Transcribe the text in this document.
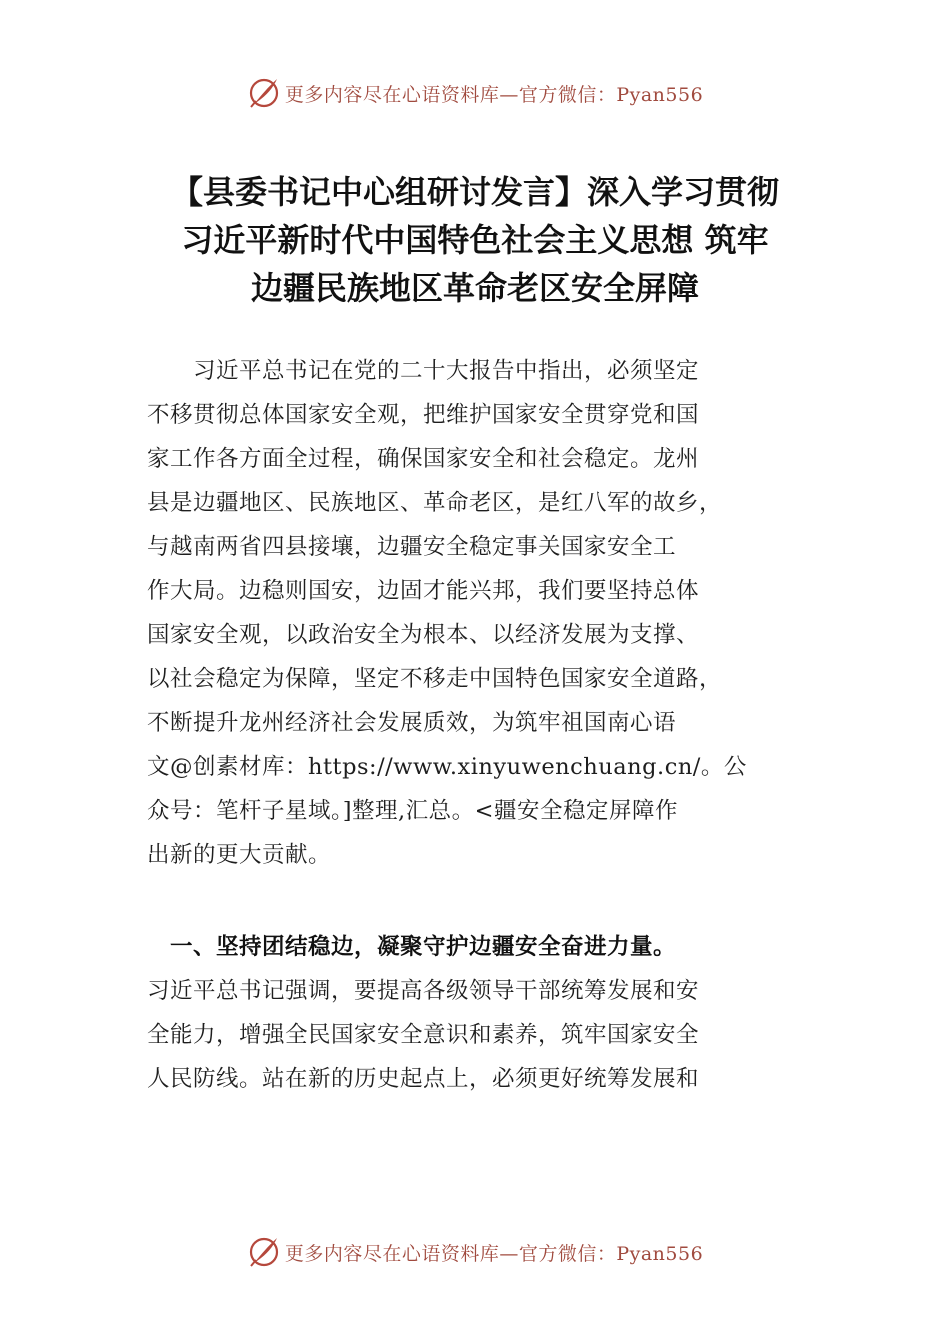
更多内容尽在心语资料库—官方微信：Pyan556
【县委书记中心组研讨发言】深入学习贯彻
习近平新时代中国特色社会主义思想 筑牢
边疆民族地区革命老区安全屏障
　　习近平总书记在党的二十大报告中指出，必须坚定
不移贯彻总体国家安全观，把维护国家安全贯穿党和国
家工作各方面全过程，确保国家安全和社会稳定。龙州
县是边疆地区、民族地区、革命老区，是红八军的故乡，
与越南两省四县接壤，边疆安全稳定事关国家安全工
作大局。边稳则国安，边固才能兴邦，我们要坚持总体
国家安全观，以政治安全为根本、以经济发展为支撑、
以社会稳定为保障，坚定不移走中国特色国家安全道路，
不断提升龙州经济社会发展质效，为筑牢祖国南心语
文@创素材库：https://www.xinyuwenchuang.cn/。公
众号：笔杆子星域。]整理,汇总。<疆安全稳定屏障作
出新的更大贡献。
　一、坚持团结稳边，凝聚守护边疆安全奋进力量。
习近平总书记强调，要提高各级领导干部统筹发展和安
全能力，增强全民国家安全意识和素养，筑牢国家安全
人民防线。站在新的历史起点上，必须更好统筹发展和
更多内容尽在心语资料库—官方微信：Pyan556
